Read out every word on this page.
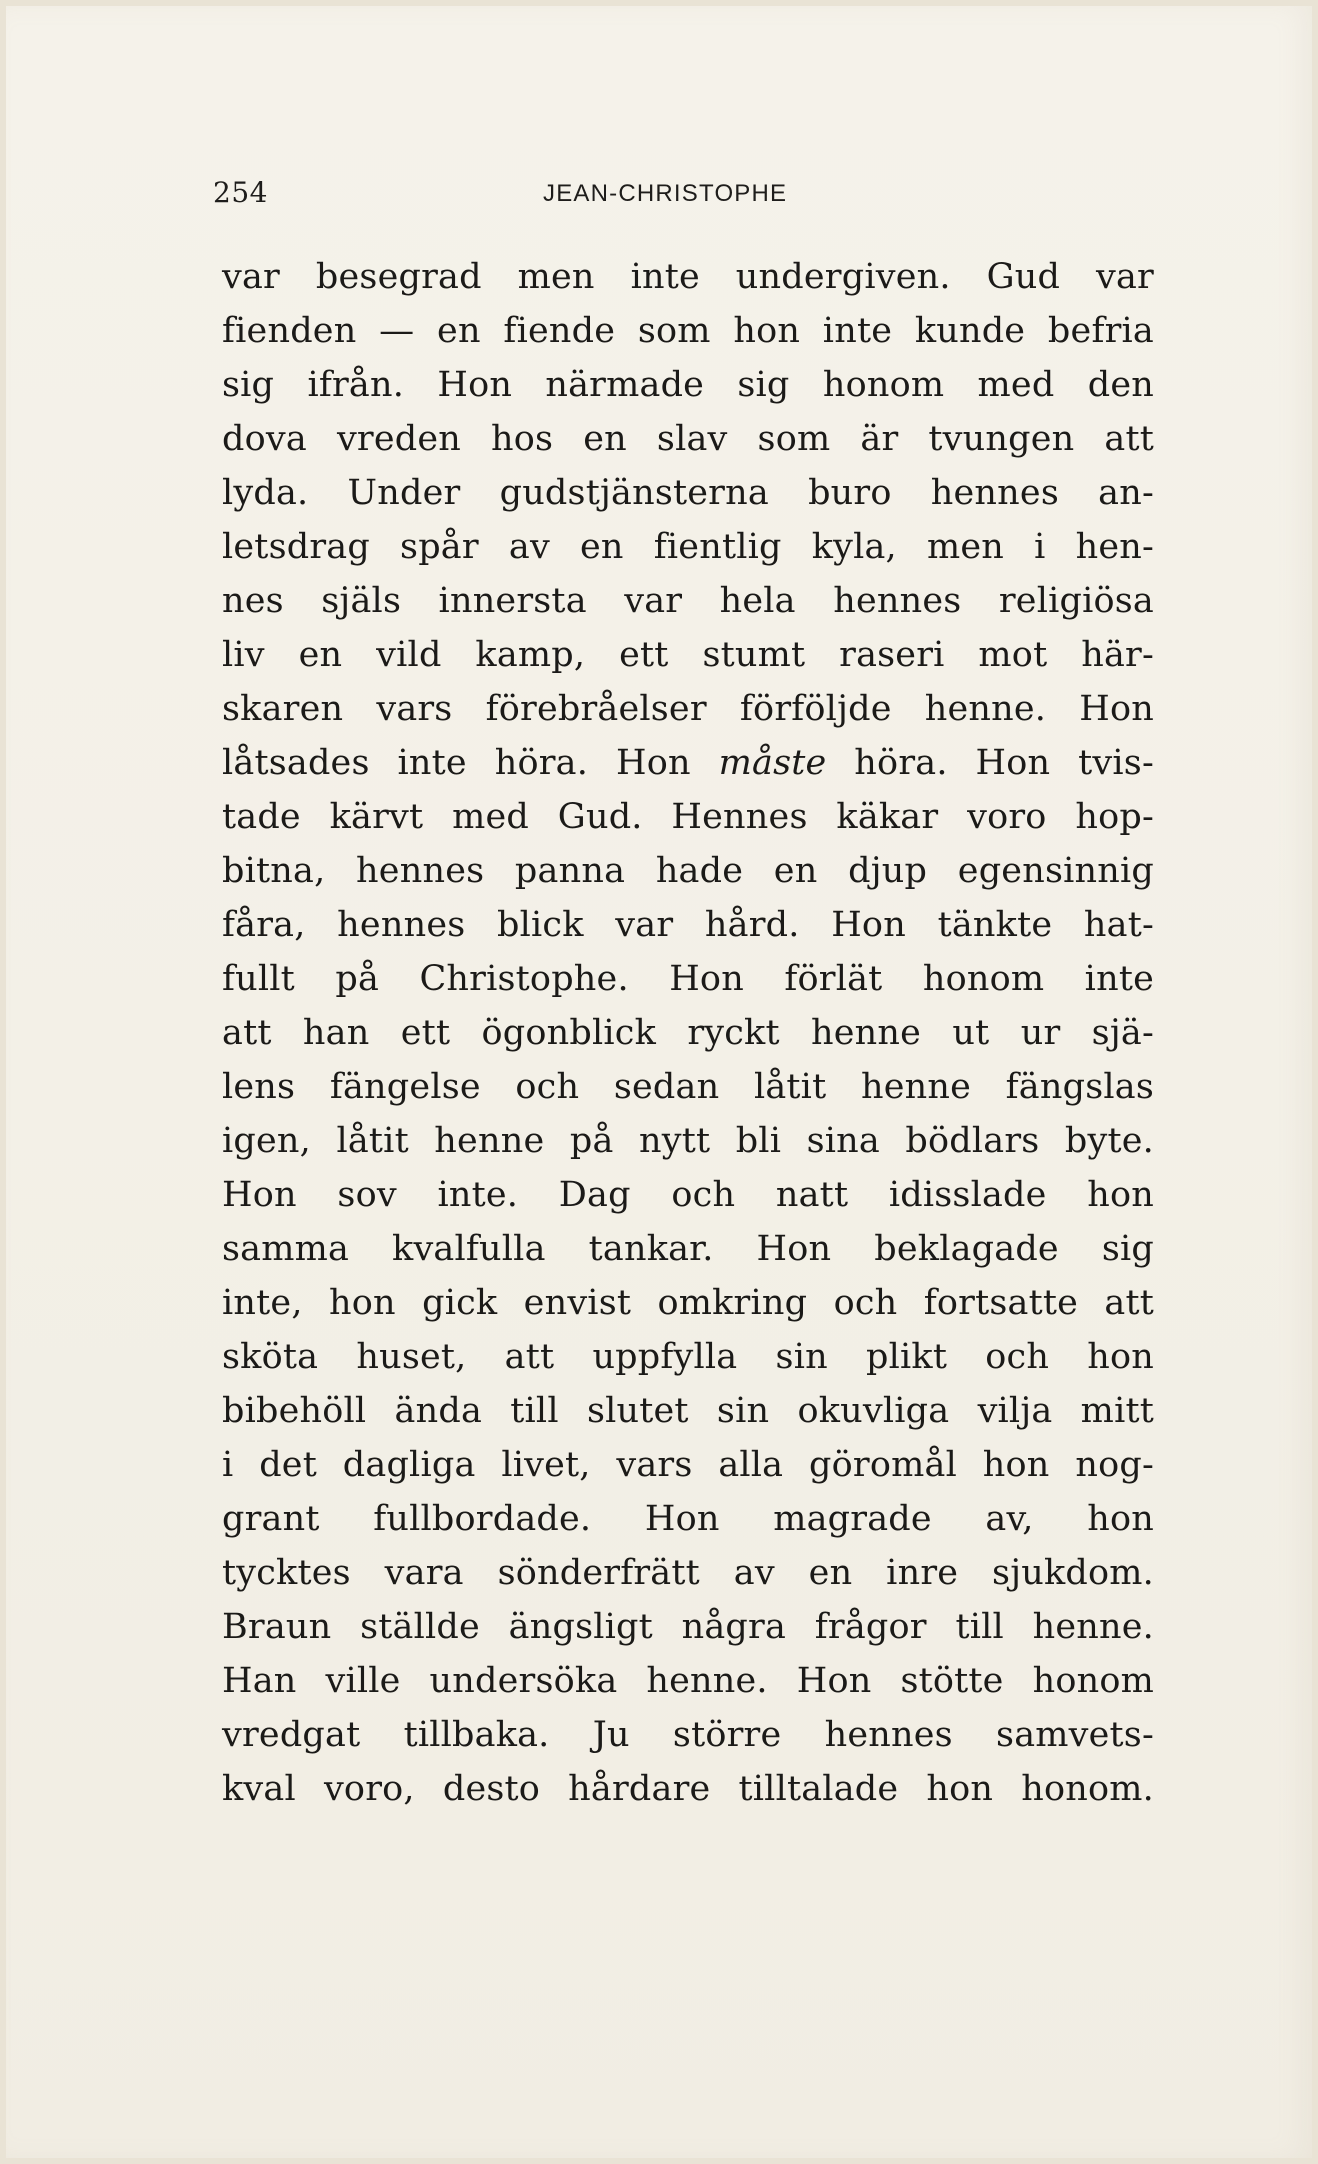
254	JEAN-CHRISTOPHE
var besegrad men inte undergiven. Gud var
fienden — en fiende som hon inte kunde befria
sig ifrån. Hon närmade sig honom med den
dova vreden hos en slav som är tvungen att
lyda. Under gudstjänsterna buro hennes an-
letsdrag spår av en fientlig kyla, men i hen-
nes själs innersta var hela hennes religiösa
liv en vild kamp, ett stumt raseri mot här-
skaren vars förebråelser förföljde henne. Hon
låtsades inte höra. Hon måste höra. Hon tvis-
tade kärvt med Gud. Hennes käkar voro hop-
bitna, hennes panna hade en djup egensinnig
fåra, hennes blick var hård. Hon tänkte hat-
fullt på Christophe. Hon förlät honom inte
att han ett ögonblick ryckt henne ut ur sjä-
lens fängelse och sedan låtit henne fängslas
igen, låtit henne på nytt bli sina bödlars byte.
Hon sov inte. Dag och natt idisslade hon
samma kvalfulla tankar. Hon beklagade sig
inte, hon gick envist omkring och fortsatte att
sköta huset, att uppfylla sin plikt och hon
bibehöll ända till slutet sin okuvliga vilja mitt
i det dagliga livet, vars alla göromål hon nog-
grant fullbordade. Hon magrade av, hon
tycktes vara sönderfrätt av en inre sjukdom.
Braun ställde ängsligt några frågor till henne.
Han ville undersöka henne. Hon stötte honom
vredgat tillbaka. Ju större hennes samvets-
kval voro, desto hårdare tilltalade hon honom.
